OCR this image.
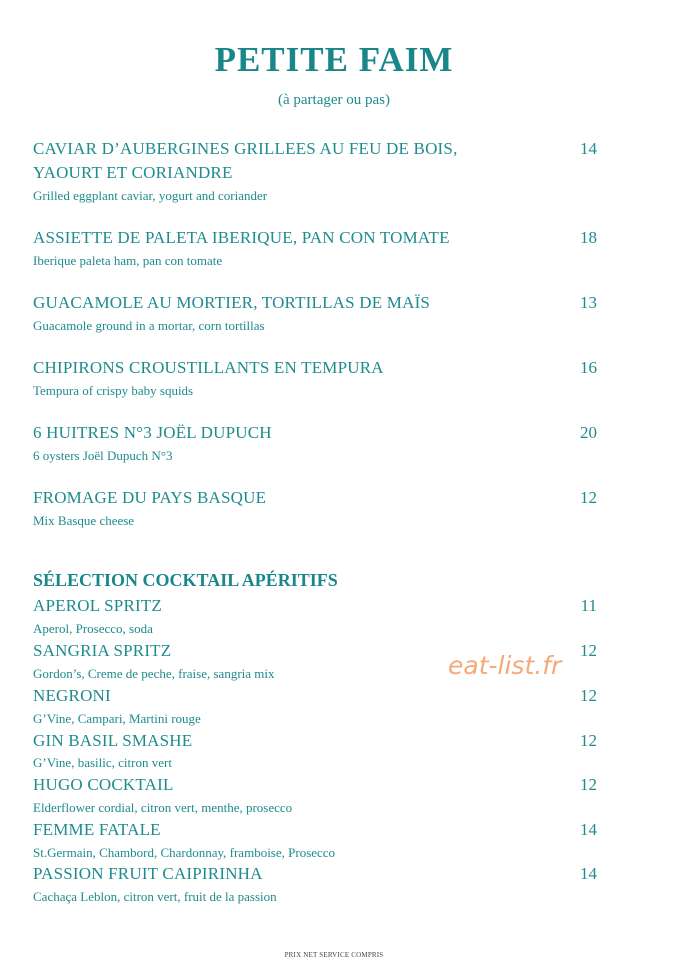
PETITE FAIM
(à partager ou pas)
CAVIAR D’AUBERGINES GRILLEES AU FEU DE BOIS,
YAOURT ET CORIANDRE
Grilled eggplant caviar, yogurt and coriander
14
ASSIETTE DE PALETA IBERIQUE, PAN CON TOMATE
Iberique paleta ham, pan con tomate
18
GUACAMOLE AU MORTIER, TORTILLAS DE MAÏS
Guacamole ground in a mortar, corn tortillas
13
CHIPIRONS CROUSTILLANTS EN TEMPURA
Tempura of crispy baby squids
16
6 HUITRES N°3 JOËL DUPUCH
6 oysters Joël Dupuch N°3
20
FROMAGE DU PAYS BASQUE
Mix Basque cheese
12
SÉLECTION COCKTAIL APÉRITIFS
APEROL SPRITZ
Aperol, Prosecco, soda
11
SANGRIA SPRITZ
Gordon’s, Creme de peche, fraise, sangria mix
12
NEGRONI
G’Vine, Campari, Martini rouge
12
GIN BASIL SMASHE
G’Vine, basilic, citron vert
12
HUGO COCKTAIL
Elderflower cordial, citron vert, menthe, prosecco
12
FEMME FATALE
St.Germain, Chambord, Chardonnay, framboise, Prosecco
14
PASSION FRUIT CAIPIRINHA
Cachaça Leblon, citron vert, fruit de la passion
14
eat-list.fr
PRIX NET SERVICE COMPRIS
